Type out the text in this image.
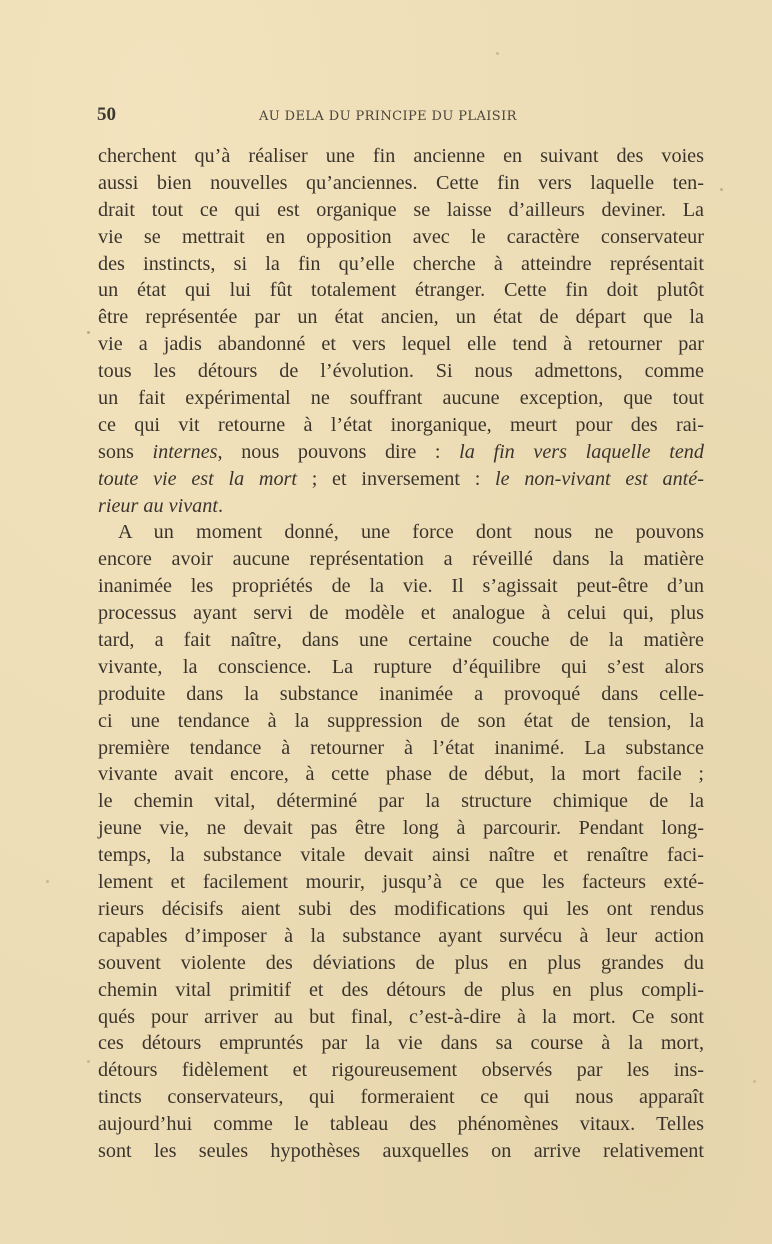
50	AU DELA DU PRINCIPE DU PLAISIR
cherchent qu’à réaliser une fin ancienne en suivant des voies
aussi bien nouvelles qu’anciennes. Cette fin vers laquelle ten-
drait tout ce qui est organique se laisse d’ailleurs deviner. La
vie se mettrait en opposition avec le caractère conservateur
des instincts, si la fin qu’elle cherche à atteindre représentait
un état qui lui fût totalement étranger. Cette fin doit plutôt
être représentée par un état ancien, un état de départ que la
vie a jadis abandonné et vers lequel elle tend à retourner par
tous les détours de l’évolution. Si nous admettons, comme
un fait expérimental ne souffrant aucune exception, que tout
ce qui vit retourne à l’état inorganique, meurt pour des rai-
sons internes, nous pouvons dire : la fin vers laquelle tend
toute vie est la mort ; et inversement : le non-vivant est anté-
rieur au vivant.
A un moment donné, une force dont nous ne pouvons
encore avoir aucune représentation a réveillé dans la matière
inanimée les propriétés de la vie. Il s’agissait peut-être d’un
processus ayant servi de modèle et analogue à celui qui, plus
tard, a fait naître, dans une certaine couche de la matière
vivante, la conscience. La rupture d’équilibre qui s’est alors
produite dans la substance inanimée a provoqué dans celle-
ci une tendance à la suppression de son état de tension, la
première tendance à retourner à l’état inanimé. La substance
vivante avait encore, à cette phase de début, la mort facile ;
le chemin vital, déterminé par la structure chimique de la
jeune vie, ne devait pas être long à parcourir. Pendant long-
temps, la substance vitale devait ainsi naître et renaître faci-
lement et facilement mourir, jusqu’à ce que les facteurs exté-
rieurs décisifs aient subi des modifications qui les ont rendus
capables d’imposer à la substance ayant survécu à leur action
souvent violente des déviations de plus en plus grandes du
chemin vital primitif et des détours de plus en plus compli-
qués pour arriver au but final, c’est-à-dire à la mort. Ce sont
ces détours empruntés par la vie dans sa course à la mort,
détours fidèlement et rigoureusement observés par les ins-
tincts conservateurs, qui formeraient ce qui nous apparaît
aujourd’hui comme le tableau des phénomènes vitaux. Telles
sont les seules hypothèses auxquelles on arrive relativement
